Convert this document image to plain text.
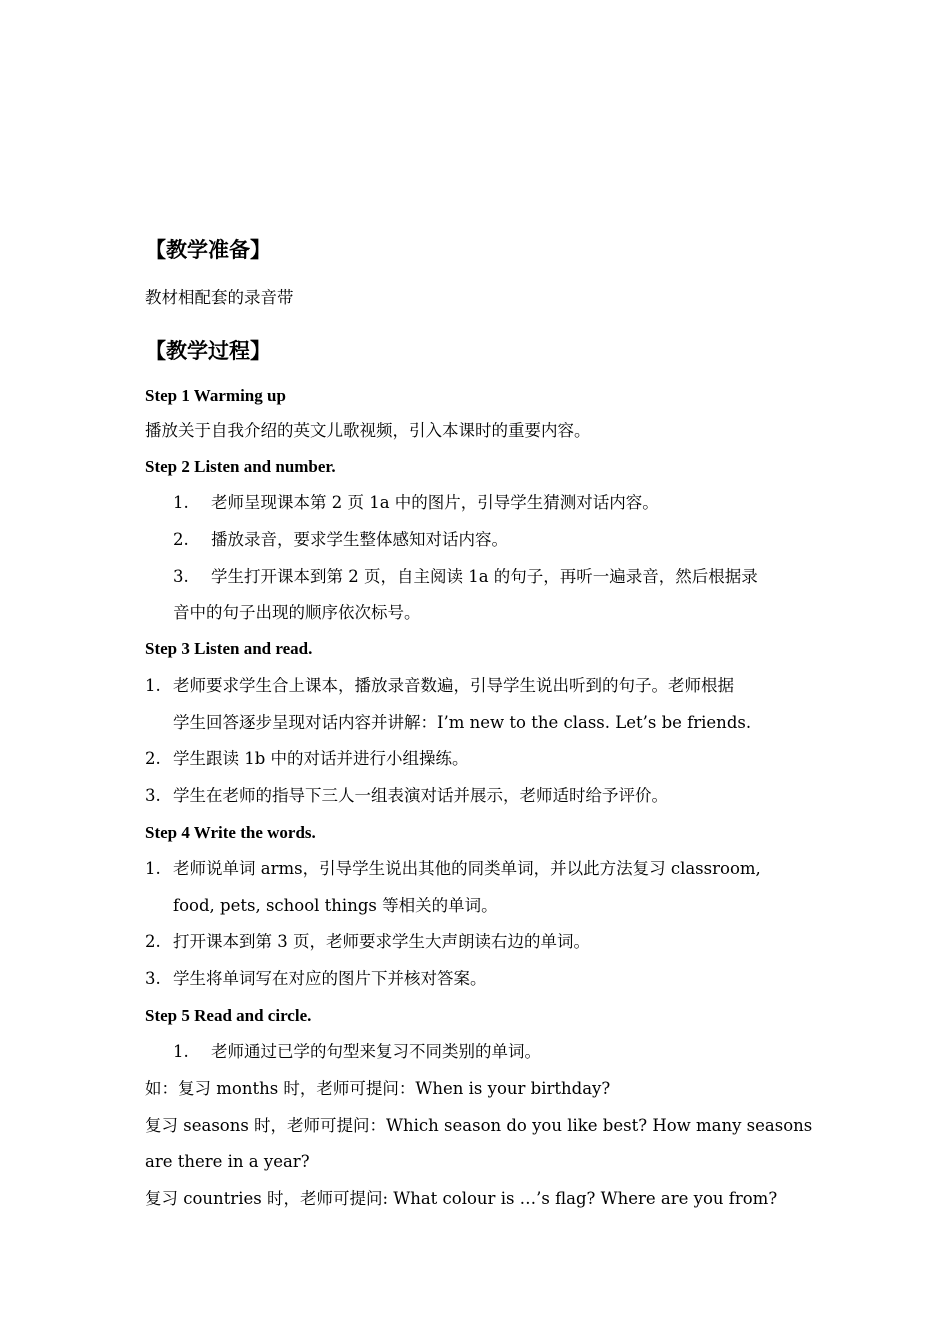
【教学准备】
教材相配套的录音带
【教学过程】
Step 1 Warming up
播放关于自我介绍的英文儿歌视频，引入本课时的重要内容。
Step 2 Listen and number.
1. 老师呈现课本第 2 页 1a 中的图片，引导学生猜测对话内容。
2. 播放录音，要求学生整体感知对话内容。
3. 学生打开课本到第 2 页，自主阅读 1a 的句子，再听一遍录音，然后根据录
音中的句子出现的顺序依次标号。
Step 3 Listen and read.
1. 老师要求学生合上课本，播放录音数遍，引导学生说出听到的句子。老师根据
学生回答逐步呈现对话内容并讲解：I’m new to the class. Let’s be friends.
2. 学生跟读 1b 中的对话并进行小组操练。
3. 学生在老师的指导下三人一组表演对话并展示，老师适时给予评价。
Step 4 Write the words.
1. 老师说单词 arms，引导学生说出其他的同类单词，并以此方法复习 classroom,
food, pets, school things 等相关的单词。
2. 打开课本到第 3 页，老师要求学生大声朗读右边的单词。
3. 学生将单词写在对应的图片下并核对答案。
Step 5 Read and circle.
1. 老师通过已学的句型来复习不同类别的单词。
如：复习 months 时，老师可提问：When is your birthday?
复习 seasons 时，老师可提问：Which season do you like best? How many seasons
are there in a year?
复习 countries 时，老师可提问: What colour is …’s flag? Where are you from?
